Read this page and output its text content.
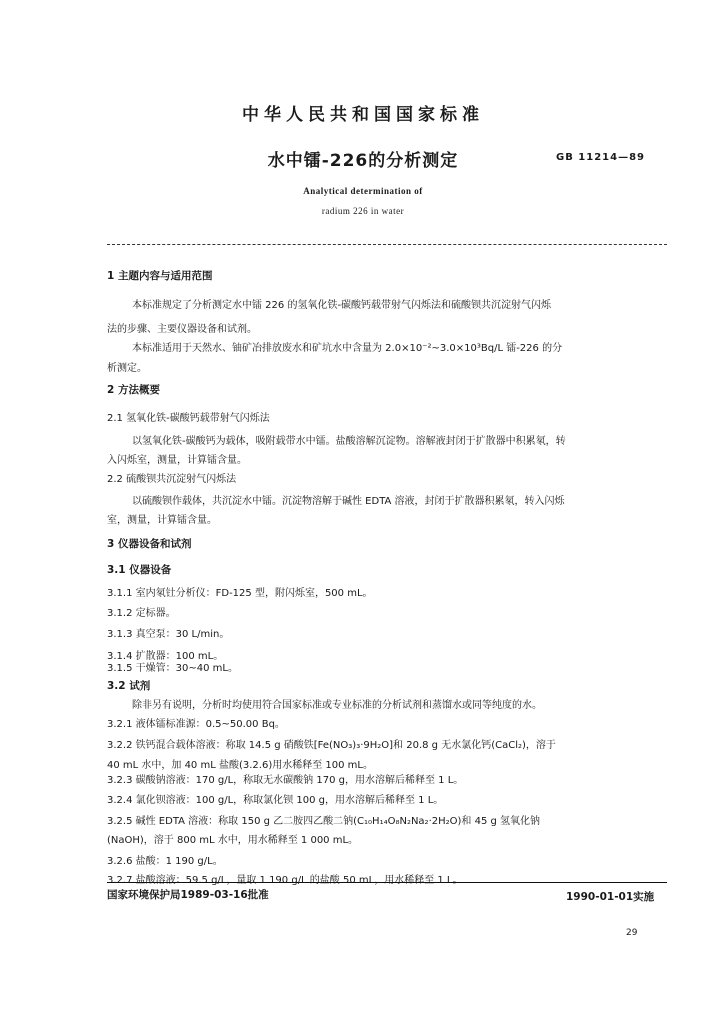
中华人民共和国国家标准
水中镭-226的分析测定	GB 11214—89
Analytical determination of
radium 226 in water
1 主题内容与适用范围
本标准规定了分析测定水中镭 226 的氢氧化铁-碳酸钙载带射气闪烁法和硫酸钡共沉淀射气闪烁
法的步骤、主要仪器设备和试剂。
本标准适用于天然水、铀矿冶排放废水和矿坑水中含量为 2.0×10⁻²~3.0×10³Bq/L 镭-226 的分
析测定。
2 方法概要
2.1 氢氧化铁-碳酸钙载带射气闪烁法
以氢氧化铁-碳酸钙为载体，吸附载带水中镭。盐酸溶解沉淀物。溶解液封闭于扩散器中积累氡，转
入闪烁室，测量，计算镭含量。
2.2 硫酸钡共沉淀射气闪烁法
以硫酸钡作载体，共沉淀水中镭。沉淀物溶解于碱性 EDTA 溶液，封闭于扩散器积累氡，转入闪烁
室，测量，计算镭含量。
3 仪器设备和试剂
3.1 仪器设备
3.1.1 室内氡钍分析仪：FD-125 型，附闪烁室，500 mL。
3.1.2 定标器。
3.1.3 真空泵：30 L/min。
3.1.4 扩散器：100 mL。
3.1.5 干燥管：30~40 mL。
3.2 试剂
除非另有说明，分析时均使用符合国家标准或专业标准的分析试剂和蒸馏水或同等纯度的水。
3.2.1 液体镭标准源：0.5~50.00 Bq。
3.2.2 铁钙混合载体溶液：称取 14.5 g 硝酸铁[Fe(NO₃)₃·9H₂O]和 20.8 g 无水氯化钙(CaCl₂)，溶于
40 mL 水中，加 40 mL 盐酸(3.2.6)用水稀释至 100 mL。
3.2.3 碳酸钠溶液：170 g/L，称取无水碳酸钠 170 g，用水溶解后稀释至 1 L。
3.2.4 氯化钡溶液：100 g/L，称取氯化钡 100 g，用水溶解后稀释至 1 L。
3.2.5 碱性 EDTA 溶液：称取 150 g 乙二胺四乙酸二钠(C₁₀H₁₄O₈N₂Na₂·2H₂O)和 45 g 氢氧化钠
(NaOH)，溶于 800 mL 水中，用水稀释至 1 000 mL。
3.2.6 盐酸：1 190 g/L。
3.2.7 盐酸溶液：59.5 g/L，量取 1 190 g/L 的盐酸 50 mL，用水稀释至 1 L。
国家环境保护局1989-03-16批准	1990-01-01实施
29
